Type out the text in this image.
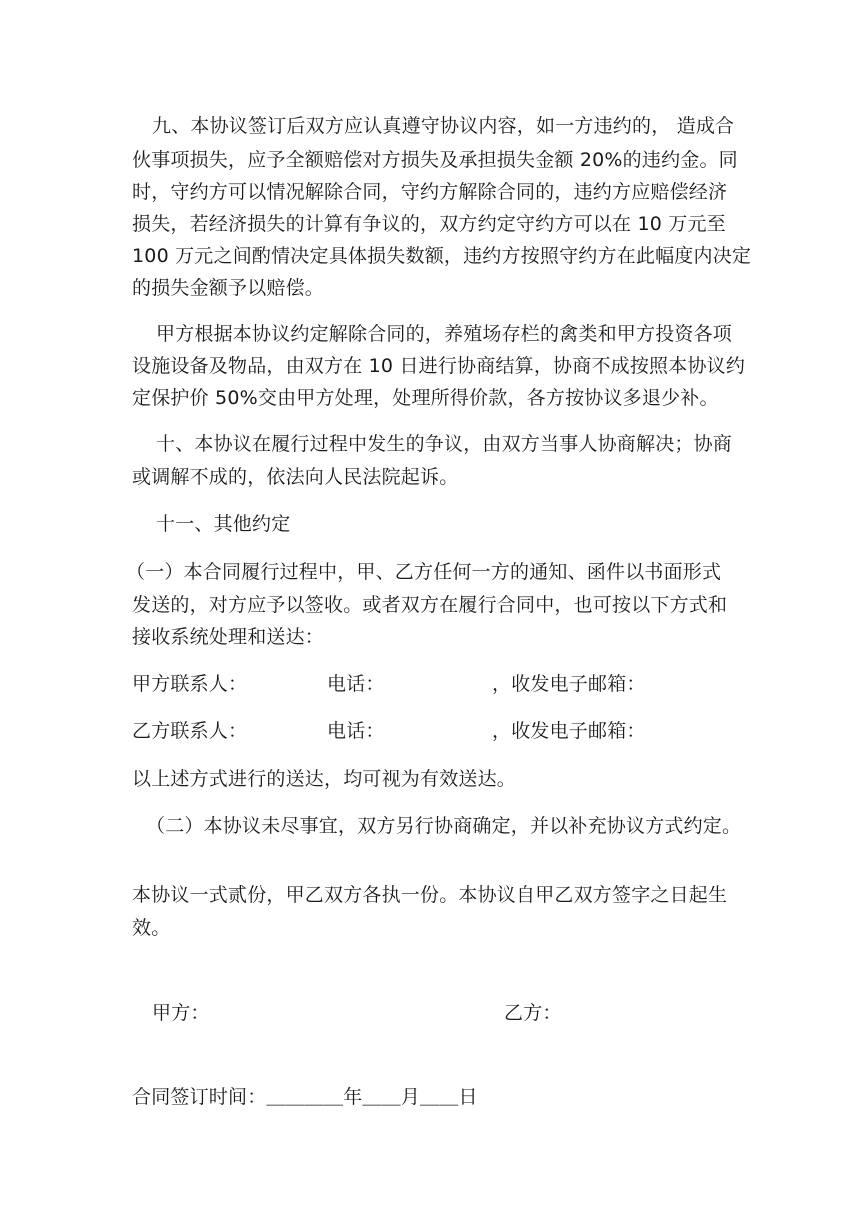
九、本协议签订后双方应认真遵守协议内容，如一方违约的， 造成合
伙事项损失，应予全额赔偿对方损失及承担损失金额 20%的违约金。同
时，守约方可以情况解除合同，守约方解除合同的，违约方应赔偿经济
损失，若经济损失的计算有争议的，双方约定守约方可以在 10 万元至
100 万元之间酌情决定具体损失数额，违约方按照守约方在此幅度内决定
的损失金额予以赔偿。
甲方根据本协议约定解除合同的，养殖场存栏的禽类和甲方投资各项
设施设备及物品，由双方在 10 日进行协商结算，协商不成按照本协议约
定保护价 50%交由甲方处理，处理所得价款，各方按协议多退少补。
十、本协议在履行过程中发生的争议，由双方当事人协商解决；协商
或调解不成的，依法向人民法院起诉。
十一、其他约定
（一）本合同履行过程中，甲、乙方任何一方的通知、函件以书面形式
发送的，对方应予以签收。或者双方在履行合同中，也可按以下方式和
接收系统处理和送达：
甲方联系人：	电话：	，收发电子邮箱：
乙方联系人：	电话：	，收发电子邮箱：
以上述方式进行的送达，均可视为有效送达。
（二）本协议未尽事宜，双方另行协商确定，并以补充协议方式约定。
本协议一式贰份，甲乙双方各执一份。本协议自甲乙双方签字之日起生
效。
甲方：	乙方：
合同签订时间：＿＿＿＿年＿＿月＿＿日
